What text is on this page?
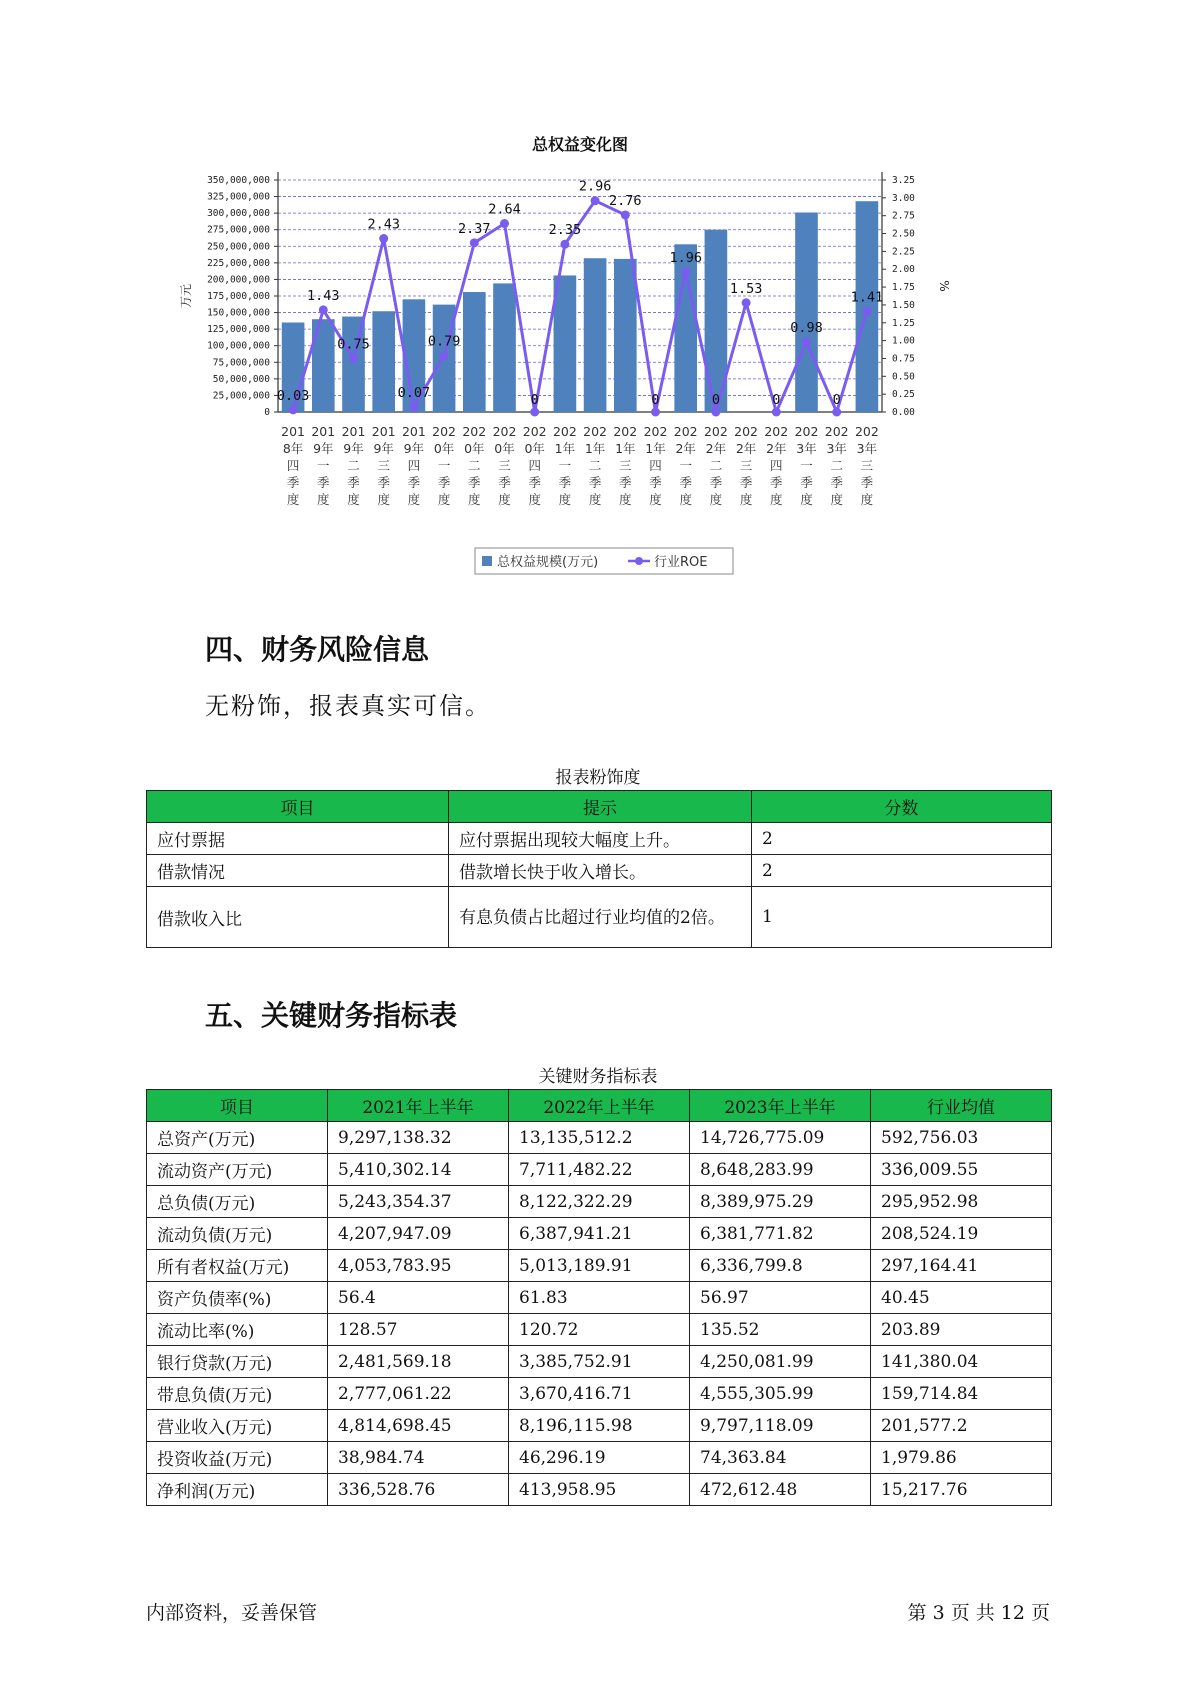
总权益变化图
0
25,000,000
50,000,000
75,000,000
100,000,000
125,000,000
150,000,000
175,000,000
200,000,000
225,000,000
250,000,000
275,000,000
300,000,000
325,000,000
350,000,000
0.00
0.25
0.50
0.75
1.00
1.25
1.50
1.75
2.00
2.25
2.50
2.75
3.00
3.25
万元	%
0.03
1.43
0.75
2.43
0.07
0.79
2.37
2.64
0
2.35
2.96
2.76
0
1.96
0
1.53
0
0.98
0
1.41
201 8年四季度
201 9年一季度
201 9年二季度
201 9年三季度
201 9年四季度
202 0年一季度
202 0年二季度
202 0年三季度
202 0年四季度
202 1年一季度
202 1年二季度
202 1年三季度
202 1年四季度
202 2年一季度
202 2年二季度
202 2年三季度
202 2年四季度
202 3年一季度
202 3年二季度
202 3年三季度
总权益规模(万元)	行业ROE
四、财务风险信息
无粉饰，报表真实可信。
报表粉饰度
项目	提示	分数
应付票据	应付票据出现较大幅度上升。	2
借款情况	借款增长快于收入增长。	2
借款收入比	有息负债占比超过行业均值的2倍。	1
五、关键财务指标表
关键财务指标表
项目	2021年上半年	2022年上半年	2023年上半年	行业均值
总资产(万元)	9,297,138.32	13,135,512.2	14,726,775.09	592,756.03
流动资产(万元)	5,410,302.14	7,711,482.22	8,648,283.99	336,009.55
总负债(万元)	5,243,354.37	8,122,322.29	8,389,975.29	295,952.98
流动负债(万元)	4,207,947.09	6,387,941.21	6,381,771.82	208,524.19
所有者权益(万元)	4,053,783.95	5,013,189.91	6,336,799.8	297,164.41
资产负债率(%)	56.4	61.83	56.97	40.45
流动比率(%)	128.57	120.72	135.52	203.89
银行贷款(万元)	2,481,569.18	3,385,752.91	4,250,081.99	141,380.04
带息负债(万元)	2,777,061.22	3,670,416.71	4,555,305.99	159,714.84
营业收入(万元)	4,814,698.45	8,196,115.98	9,797,118.09	201,577.2
投资收益(万元)	38,984.74	46,296.19	74,363.84	1,979.86
净利润(万元)	336,528.76	413,958.95	472,612.48	15,217.76
内部资料，妥善保管	第 3 页 共 12 页
